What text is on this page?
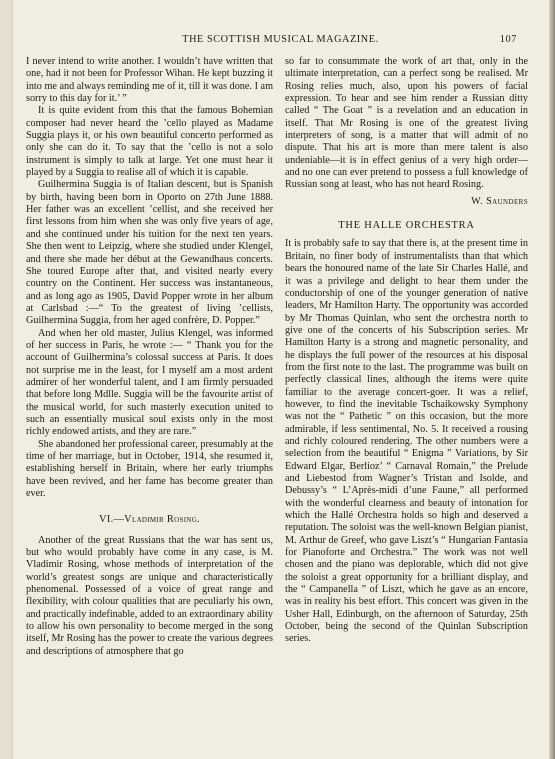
THE SCOTTISH MUSICAL MAGAZINE.	107

I never intend to write another. I wouldn’t have written that one, had it not been for Professor Wihan. He kept buzzing it into me and always reminding me of it, till it was done. I am sorry to this day for it.’ ”

It is quite evident from this that the famous Bohemian composer had never heard the ’cello played as Madame Suggia plays it, or his own beautiful concerto performed as only she can do it. To say that the ’cello is not a solo instrument is simply to talk at large. Yet one must hear it played by a Suggia to realise all of which it is capable.

Guilhermina Suggia is of Italian descent, but is Spanish by birth, having been born in Oporto on 27th June 1888. Her father was an excellent ’cellist, and she received her first lessons from him when she was only five years of age, and she continued under his tuition for the next ten years. She then went to Leipzig, where she studied under Klengel, and there she made her début at the Gewandhaus concerts. She toured Europe after that, and visited nearly every country on the Continent. Her success was instantaneous, and as long ago as 1905, David Popper wrote in her album at Carlsbad :—“ To the greatest of living ’cellists, Guilhermina Suggia, from her aged confrère, D. Popper.”

And when her old master, Julius Klengel, was informed of her success in Paris, he wrote :— “ Thank you for the account of Guilhermina’s colossal success at Paris. It does not surprise me in the least, for I myself am a most ardent admirer of her wonderful talent, and I am firmly persuaded that before long Mdlle. Suggia will be the favourite artist of the musical world, for such masterly execution united to such an essentially musical soul exists only in the most richly endowed artists, and they are rare.”

She abandoned her professional career, presumably at the time of her marriage, but in October, 1914, she resumed it, establishing herself in Britain, where her early triumphs have been revived, and her fame has become greater than ever.

VI.—Vladimir Rosing.

Another of the great Russians that the war has sent us, but who would probably have come in any case, is M. Vladimir Rosing, whose methods of interpretation of the world’s greatest songs are unique and characteristically phenomenal. Possessed of a voice of great range and flexibility, with colour qualities that are peculiarly his own, and practically indefinable, added to an extraordinary ability to allow his own personality to become merged in the song itself, Mr Rosing has the power to create the various degrees and descriptions of atmosphere that go

so far to consummate the work of art that, only in the ultimate interpretation, can a perfect song be realised. Mr Rosing relies much, also, upon his powers of facial expression. To hear and see him render a Russian ditty called “ The Goat ” is a revelation and an education in itself. That Mr Rosing is one of the greatest living interpreters of song, is a matter that will admit of no dispute. That his art is more than mere talent is also undeniable—it is in effect genius of a very high order—and no one can ever pretend to possess a full knowledge of Russian song at least, who has not heard Rosing.

W. Saunders
THE HALLE ORCHESTRA

It is probably safe to say that there is, at the present time in Britain, no finer body of instrumentalists than that which bears the honoured name of the late Sir Charles Hallé, and it was a privilege and delight to hear them under the conductorship of one of the younger generation of native leaders, Mr Hamilton Harty. The opportunity was accorded by Mr Thomas Quinlan, who sent the orchestra north to give one of the concerts of his Subscription series. Mr Hamilton Harty is a strong and magnetic personality, and he displays the full power of the resources at his disposal from the first note to the last. The programme was built on perfectly classical lines, although the items were quite familiar to the average concert-goer. It was a relief, however, to find the inevitable Tschaikowsky Symphony was not the “ Pathetic ” on this occasion, but the more admirable, if less sentimental, No. 5. It received a rousing and richly coloured rendering. The other numbers were a selection from the beautiful “ Enigma ” Variations, by Sir Edward Elgar, Berlioz’ “ Carnaval Romain,” the Prelude and Liebestod from Wagner’s Tristan and Isolde, and Debussy’s “ L’Après-midi d’une Faune,” all performed with the wonderful clearness and beauty of intonation for which the Hallé Orchestra holds so high and deserved a reputation. The soloist was the well-known Belgian pianist, M. Arthur de Greef, who gave Liszt’s “ Hungarian Fantasia for Pianoforte and Orchestra.” The work was not well chosen and the piano was deplorable, which did not give the soloist a great opportunity for a brilliant display, and the “ Campanella ” of Liszt, which he gave as an encore, was in reality his best effort. This concert was given in the Usher Hall, Edinburgh, on the afternoon of Saturday, 25th October, being the second of the Quinlan Subscription series.
